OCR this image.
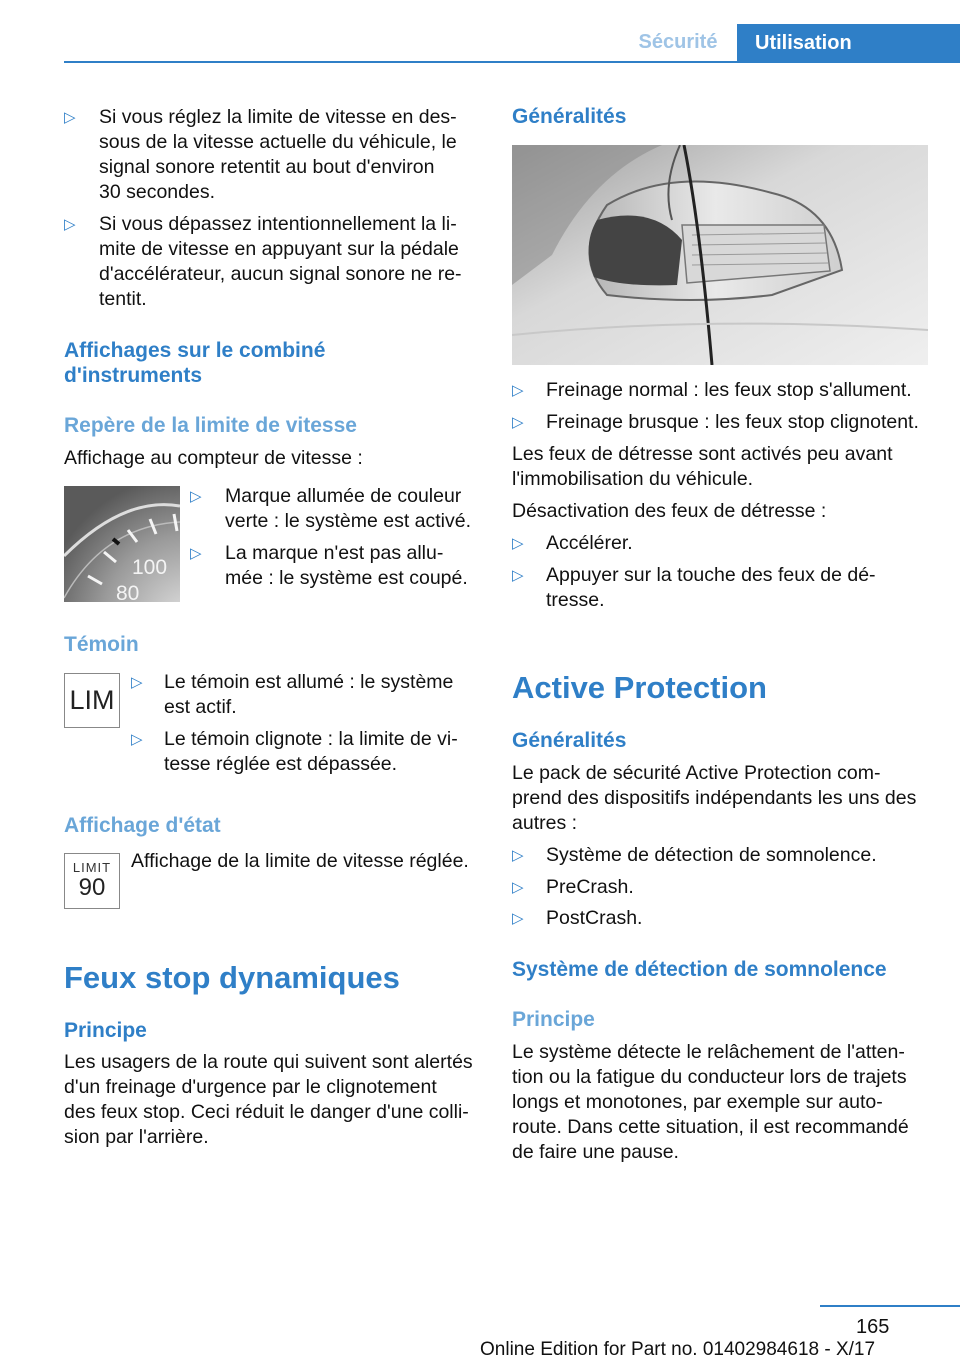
Sécurité	Utilisation
▷ Si vous réglez la limite de vitesse en des-
sous de la vitesse actuelle du véhicule, le
signal sonore retentit au bout d'environ
30 secondes.
▷ Si vous dépassez intentionnellement la li-
mite de vitesse en appuyant sur la pédale
d'accélérateur, aucun signal sonore ne re-
tentit.
Affichages sur le combiné
d'instruments
Repère de la limite de vitesse
Affichage au compteur de vitesse :
100
80
▷ Marque allumée de couleur
verte : le système est activé.
▷ La marque n'est pas allu-
mée : le système est coupé.
Témoin
LIM
▷ Le témoin est allumé : le système
est actif.
▷ Le témoin clignote : la limite de vi-
tesse réglée est dépassée.
Affichage d'état
LIMIT
90
Affichage de la limite de vitesse réglée.
Feux stop dynamiques
Principe
Les usagers de la route qui suivent sont alertés
d'un freinage d'urgence par le clignotement
des feux stop. Ceci réduit le danger d'une colli-
sion par l'arrière.
Généralités
▷ Freinage normal : les feux stop s'allument.
▷ Freinage brusque : les feux stop clignotent.
Les feux de détresse sont activés peu avant
l'immobilisation du véhicule.
Désactivation des feux de détresse :
▷ Accélérer.
▷ Appuyer sur la touche des feux de dé-
tresse.
Active Protection
Généralités
Le pack de sécurité Active Protection com-
prend des dispositifs indépendants les uns des
autres :
▷ Système de détection de somnolence.
▷ PreCrash.
▷ PostCrash.
Système de détection de somnolence
Principe
Le système détecte le relâchement de l'atten-
tion ou la fatigue du conducteur lors de trajets
longs et monotones, par exemple sur auto-
route. Dans cette situation, il est recommandé
de faire une pause.
165
Online Edition for Part no. 01402984618 - X/17
